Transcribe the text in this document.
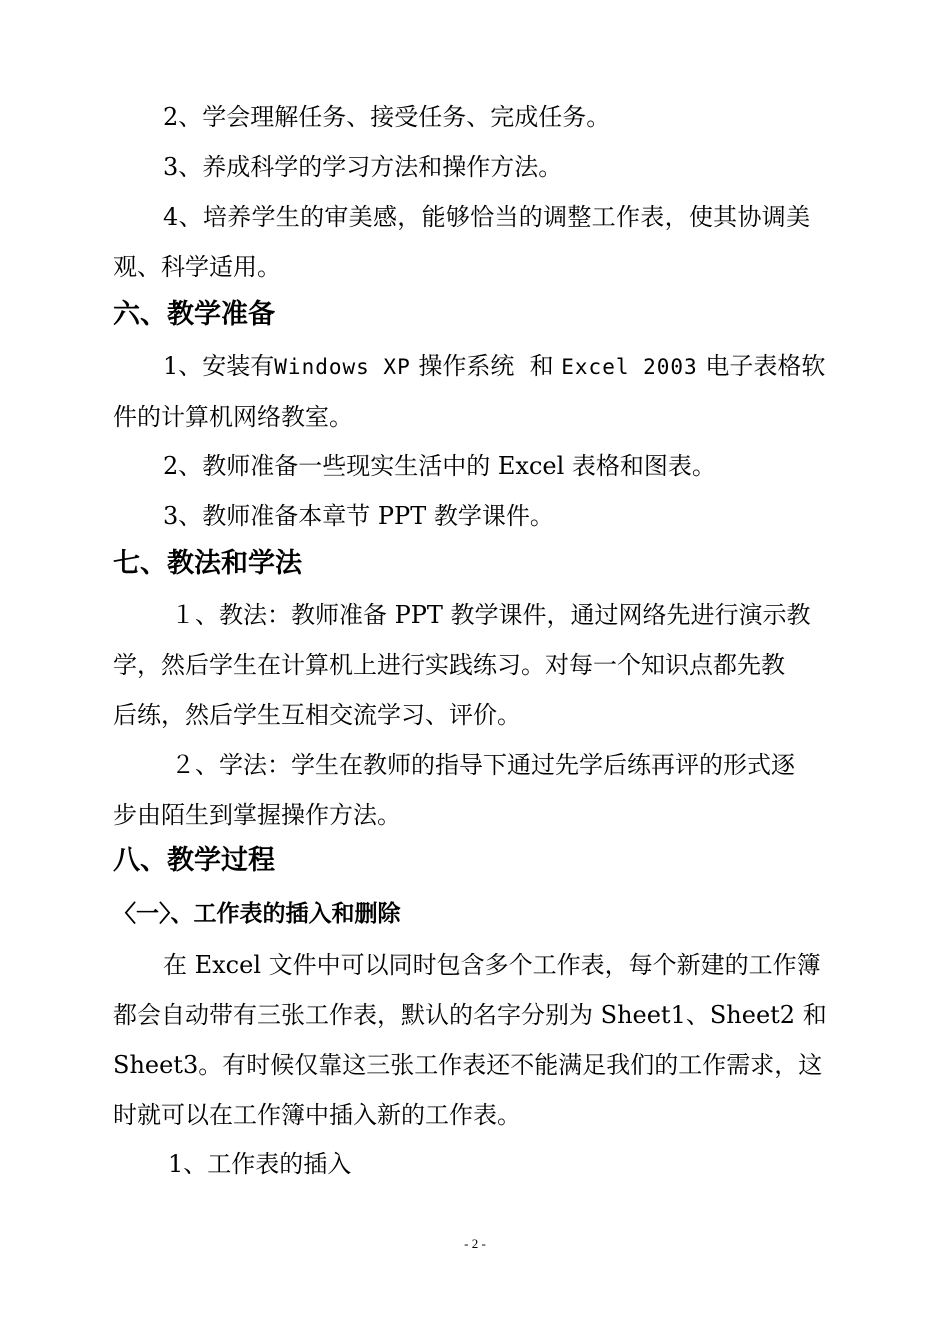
2、学会理解任务、接受任务、完成任务。
3、养成科学的学习方法和操作方法。
4、培养学生的审美感，能够恰当的调整工作表，使其协调美
观、科学适用。
六、教学准备
1、安装有Windows XP 操作系统 和 Excel 2003 电子表格软
件的计算机网络教室。
2、教师准备一些现实生活中的 Excel 表格和图表。
3、教师准备本章节 PPT 教学课件。
七、教法和学法
１、教法：教师准备 PPT 教学课件，通过网络先进行演示教
学，然后学生在计算机上进行实践练习。对每一个知识点都先教
后练，然后学生互相交流学习、评价。
２、学法：学生在教师的指导下通过先学后练再评的形式逐
步由陌生到掌握操作方法。
八、教学过程
〈一〉、工作表的插入和删除
在 Excel 文件中可以同时包含多个工作表，每个新建的工作簿
都会自动带有三张工作表，默认的名字分别为 Sheet1、Sheet2 和
Sheet3。有时候仅靠这三张工作表还不能满足我们的工作需求，这
时就可以在工作簿中插入新的工作表。
1、工作表的插入
- 2 -
